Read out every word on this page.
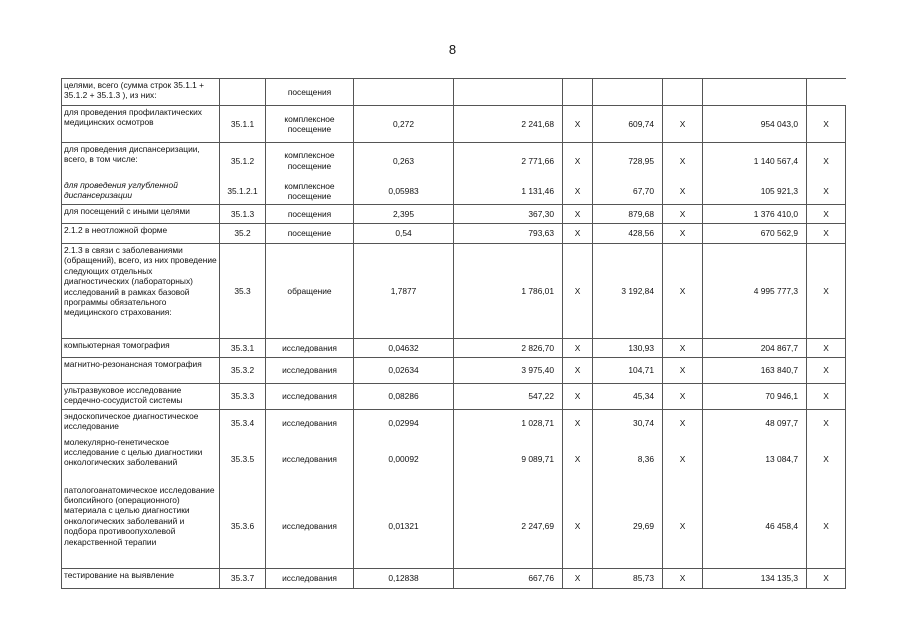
8
целями, всего (сумма строк 35.1.1 + 35.1.2 + 35.1.3 ), из них:		посещения							
для проведения профилактических медицинских осмотров	35.1.1	комплексное посещение	0,272	2 241,68	Х	609,74	Х	954 043,0	Х
для проведения диспансеризации, всего, в том числе:	35.1.2	комплексное посещение	0,263	2 771,66	Х	728,95	Х	1 140 567,4	Х
для проведения углубленной диспансеризации	35.1.2.1	комплексное посещение	0,05983	1 131,46	Х	67,70	Х	105 921,3	Х
для посещений с иными целями	35.1.3	посещения	2,395	367,30	Х	879,68	Х	1 376 410,0	Х
2.1.2 в неотложной форме	35.2	посещение	0,54	793,63	Х	428,56	Х	670 562,9	Х
2.1.3 в связи с заболеваниями (обращений), всего, из них проведение следующих отдельных диагностических (лабораторных) исследований в рамках базовой программы обязательного медицинского страхования:	35.3	обращение	1,7877	1 786,01	Х	3 192,84	Х	4 995 777,3	Х
компьютерная томография	35.3.1	исследования	0,04632	2 826,70	Х	130,93	Х	204 867,7	Х
магнитно-резонансная томография	35.3.2	исследования	0,02634	3 975,40	Х	104,71	Х	163 840,7	Х
ультразвуковое исследование сердечно-сосудистой системы	35.3.3	исследования	0,08286	547,22	Х	45,34	Х	70 946,1	Х
эндоскопическое диагностическое исследование	35.3.4	исследования	0,02994	1 028,71	Х	30,74	Х	48 097,7	Х
молекулярно-генетическое исследование с целью диагностики онкологических заболеваний	35.3.5	исследования	0,00092	9 089,71	Х	8,36	Х	13 084,7	Х
патологоанатомическое исследование биопсийного (операционного) материала с целью диагностики онкологических заболеваний и подбора противоопухолевой лекарственной терапии	35.3.6	исследования	0,01321	2 247,69	Х	29,69	Х	46 458,4	Х
тестирование на выявление	35.3.7	исследования	0,12838	667,76	Х	85,73	Х	134 135,3	Х
